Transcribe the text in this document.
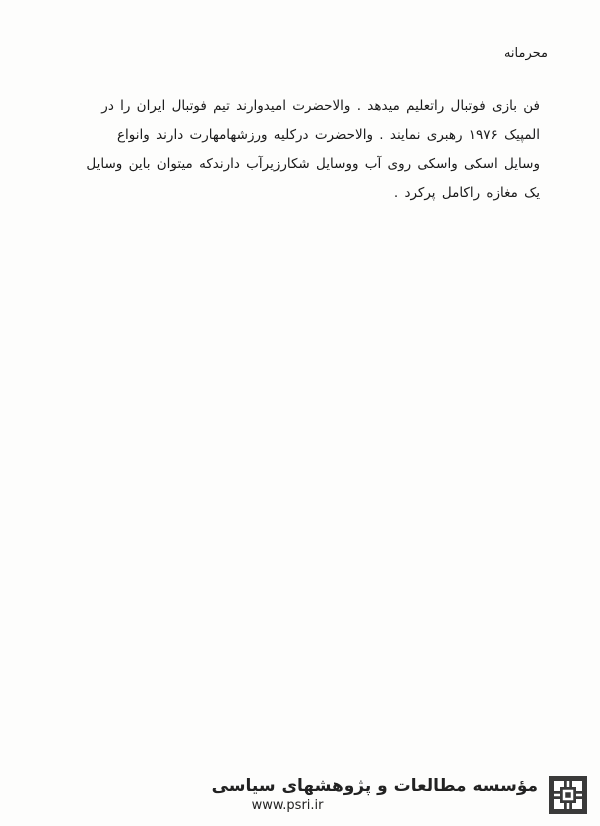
محرمانه
فن بازی فوتبال راتعلیم میدهد . والاحضرت امیدوارند تیم فوتبال ایران را در
المپیک ۱۹۷۶ رهبری نمایند . والاحضرت درکلیه ورزشهامهارت دارند وانواع
وسایل اسکی واسکی روی آب ووسایل شکارزیرآب دارندکه میتوان باین وسایل
یک مغازه راکامل پرکرد .
مؤسسه مطالعات و پژوهشهای سیاسی
www.psri.ir
